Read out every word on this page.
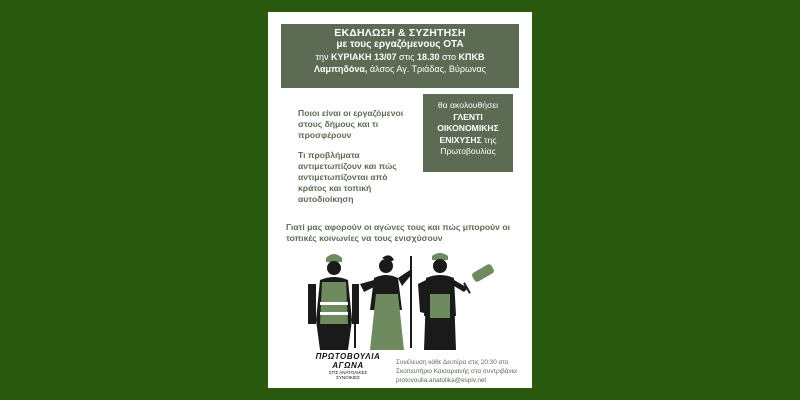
ΕΚΔΗΛΩΣΗ & ΣΥΖΗΤΗΣΗ
με τους εργαζόμενους ΟΤΑ
την ΚΥΡΙΑΚΗ 13/07 στις 18.30 στο ΚΠΚΒ
Λαμπηδόνα, άλσος Αγ. Τριάδας, Βύρωνας
Ποιοι είναι οι εργαζόμενοι στους δήμους και τι προσφέρουν
Τι προβλήματα αντιμετωπίζουν και πώς αντιμετωπίζονται από κράτος και τοπική αυτοδιοίκηση
Γιατί μας αφορούν οι αγώνες τους και πώς μπορούν οι τοπικές κοινωνίες να τους ενισχύσουν
θα ακολουθήσει
ΓΛΕΝΤΙ
ΟΙΚΟΝΟΜΙΚΗΣ
ΕΝΙΧΥΣΗΣ της
Πρωτοβουλίας
ΠΡΩΤΟΒΟΥΛΙΑ
ΑΓΩΝΑ
ΣΤΙΣ ΑΝΑΤΟΛΙΚΕΣ
ΣΥΝΟΙΚΙΕΣ
Συνέλευση κάθε Δευτέρα στις 20:30 στο
Σκοπευτήριο Καισαριανής στα συντριβάνια
protovoulia.anatolika@espiv.net
